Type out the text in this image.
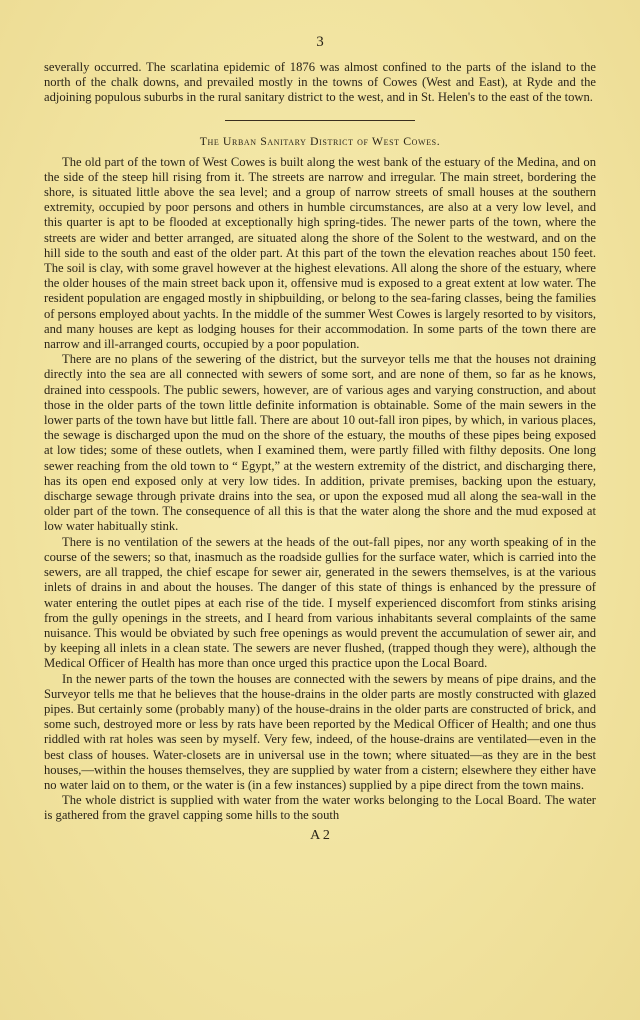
3

severally occurred. The scarlatina epidemic of 1876 was almost confined to the parts of the island to the north of the chalk downs, and prevailed mostly in the towns of Cowes (West and East), at Ryde and the adjoining populous suburbs in the rural sanitary district to the west, and in St. Helen's to the east of the town.

The Urban Sanitary District of West Cowes.

The old part of the town of West Cowes is built along the west bank of the estuary of the Medina, and on the side of the steep hill rising from it. The streets are narrow and irregular. The main street, bordering the shore, is situated little above the sea level; and a group of narrow streets of small houses at the southern extremity, occupied by poor persons and others in humble circumstances, are also at a very low level, and this quarter is apt to be flooded at exceptionally high spring-tides. The newer parts of the town, where the streets are wider and better arranged, are situated along the shore of the Solent to the westward, and on the hill side to the south and east of the older part. At this part of the town the elevation reaches about 150 feet. The soil is clay, with some gravel however at the highest elevations. All along the shore of the estuary, where the older houses of the main street back upon it, offensive mud is exposed to a great extent at low water. The resident population are engaged mostly in shipbuilding, or belong to the sea-faring classes, being the families of persons employed about yachts. In the middle of the summer West Cowes is largely resorted to by visitors, and many houses are kept as lodging houses for their accommodation. In some parts of the town there are narrow and ill-arranged courts, occupied by a poor population.

There are no plans of the sewering of the district, but the surveyor tells me that the houses not draining directly into the sea are all connected with sewers of some sort, and are none of them, so far as he knows, drained into cesspools. The public sewers, however, are of various ages and varying construction, and about those in the older parts of the town little definite information is obtainable. Some of the main sewers in the lower parts of the town have but little fall. There are about 10 out-fall iron pipes, by which, in various places, the sewage is discharged upon the mud on the shore of the estuary, the mouths of these pipes being exposed at low tides; some of these outlets, when I examined them, were partly filled with filthy deposits. One long sewer reaching from the old town to “ Egypt,” at the western extremity of the district, and discharging there, has its open end exposed only at very low tides. In addition, private premises, backing upon the estuary, discharge sewage through private drains into the sea, or upon the exposed mud all along the sea-wall in the older part of the town. The consequence of all this is that the water along the shore and the mud exposed at low water habitually stink.

There is no ventilation of the sewers at the heads of the out-fall pipes, nor any worth speaking of in the course of the sewers; so that, inasmuch as the roadside gullies for the surface water, which is carried into the sewers, are all trapped, the chief escape for sewer air, generated in the sewers themselves, is at the various inlets of drains in and about the houses. The danger of this state of things is enhanced by the pressure of water entering the outlet pipes at each rise of the tide. I myself experienced discomfort from stinks arising from the gully openings in the streets, and I heard from various inhabitants several complaints of the same nuisance. This would be obviated by such free openings as would prevent the accumulation of sewer air, and by keeping all inlets in a clean state. The sewers are never flushed, (trapped though they were), although the Medical Officer of Health has more than once urged this practice upon the Local Board.

In the newer parts of the town the houses are connected with the sewers by means of pipe drains, and the Surveyor tells me that he believes that the house-drains in the older parts are mostly constructed with glazed pipes. But certainly some (probably many) of the house-drains in the older parts are constructed of brick, and some such, destroyed more or less by rats have been reported by the Medical Officer of Health; and one thus riddled with rat holes was seen by myself. Very few, indeed, of the house-drains are ventilated—even in the best class of houses. Water-closets are in universal use in the town; where situated—as they are in the best houses,—within the houses themselves, they are supplied by water from a cistern; elsewhere they either have no water laid on to them, or the water is (in a few instances) supplied by a pipe direct from the town mains.

The whole district is supplied with water from the water works belonging to the Local Board. The water is gathered from the gravel capping some hills to the south

A 2
